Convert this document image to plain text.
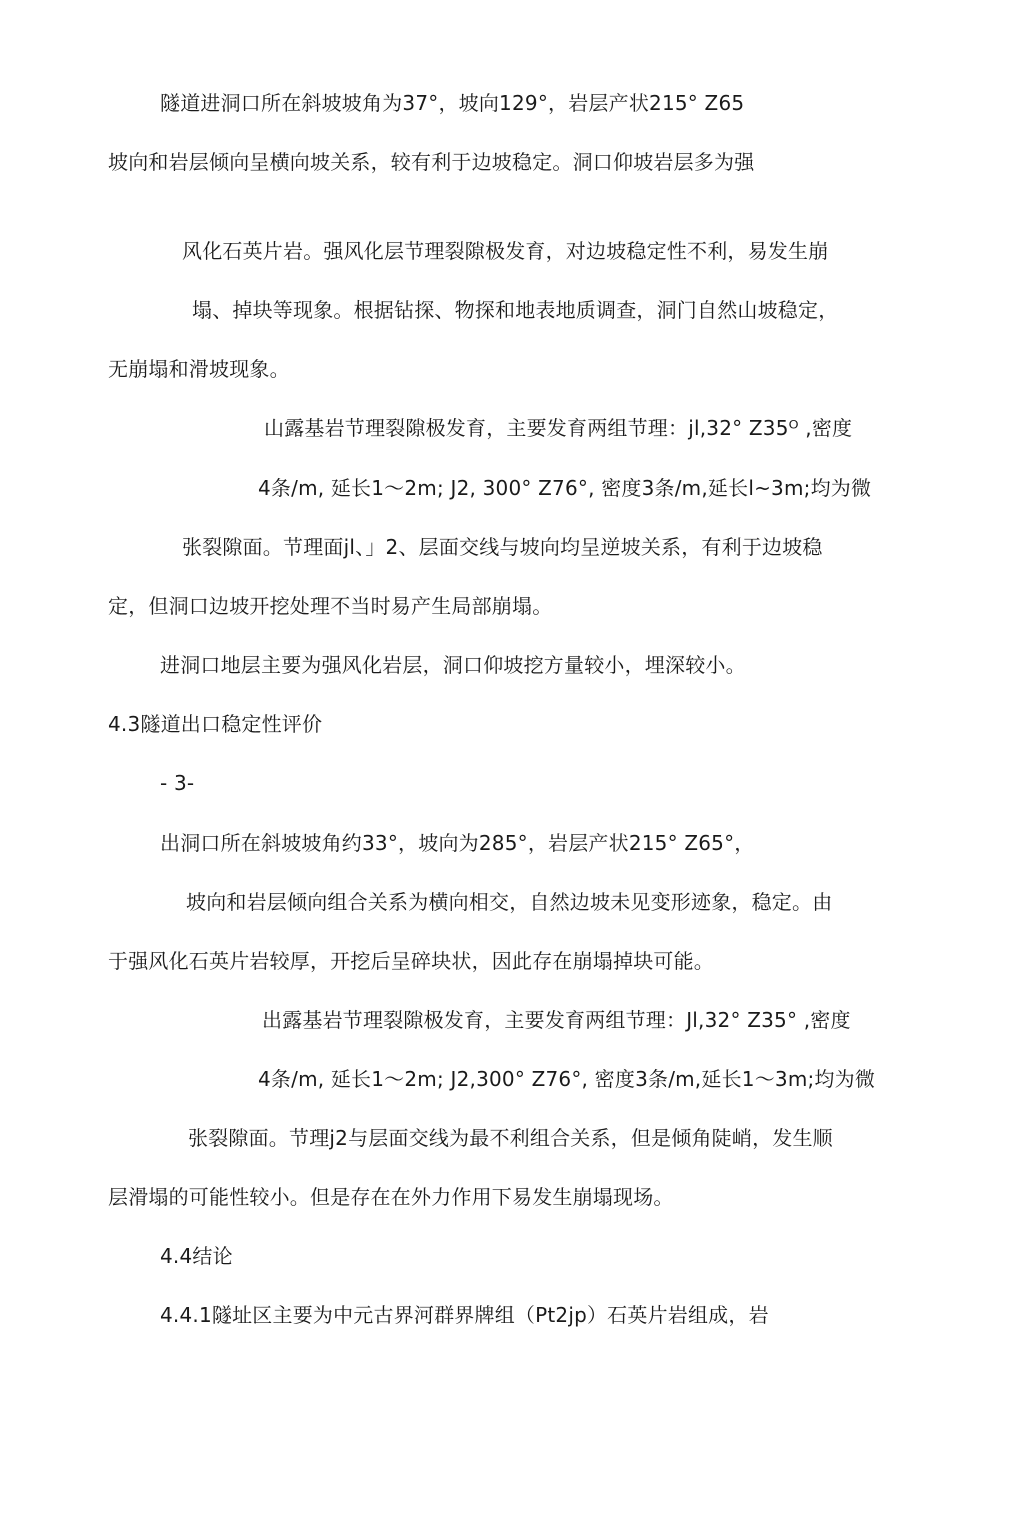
隧道进洞口所在斜坡坡角为37°，坡向129°，岩层产状215° Z65
坡向和岩层倾向呈横向坡关系，较有利于边坡稳定。洞口仰坡岩层多为强
风化石英片岩。强风化层节理裂隙极发育，对边坡稳定性不利，易发生崩
塌、掉块等现象。根据钻探、物探和地表地质调查，洞门自然山坡稳定，
无崩塌和滑坡现象。
山露基岩节理裂隙极发育，主要发育两组节理：jl,32° Z35ᴼ ,密度
4条/m, 延长1～2m; J2, 300° Z76°, 密度3条/m,延长l~3m;均为微
张裂隙面。节理面jl、」2、层面交线与坡向均呈逆坡关系，有利于边坡稳
定，但洞口边坡开挖处理不当时易产生局部崩塌。
进洞口地层主要为强风化岩层，洞口仰坡挖方量较小，埋深较小。
4.3隧道出口稳定性评价
- 3-
出洞口所在斜坡坡角约33°，坡向为285°，岩层产状215° Z65°，
坡向和岩层倾向组合关系为横向相交，自然边坡未见变形迹象，稳定。由
于强风化石英片岩较厚，开挖后呈碎块状，因此存在崩塌掉块可能。
出露基岩节理裂隙极发育，主要发育两组节理：Jl,32° Z35° ,密度
4条/m, 延长1～2m; J2,300° Z76°, 密度3条/m,延长1～3m;均为微
张裂隙面。节理j2与层面交线为最不利组合关系，但是倾角陡峭，发生顺
层滑塌的可能性较小。但是存在在外力作用下易发生崩塌现场。
4.4结论
4.4.1隧址区主要为中元古界河群界牌组（Pt2jp）石英片岩组成，岩
